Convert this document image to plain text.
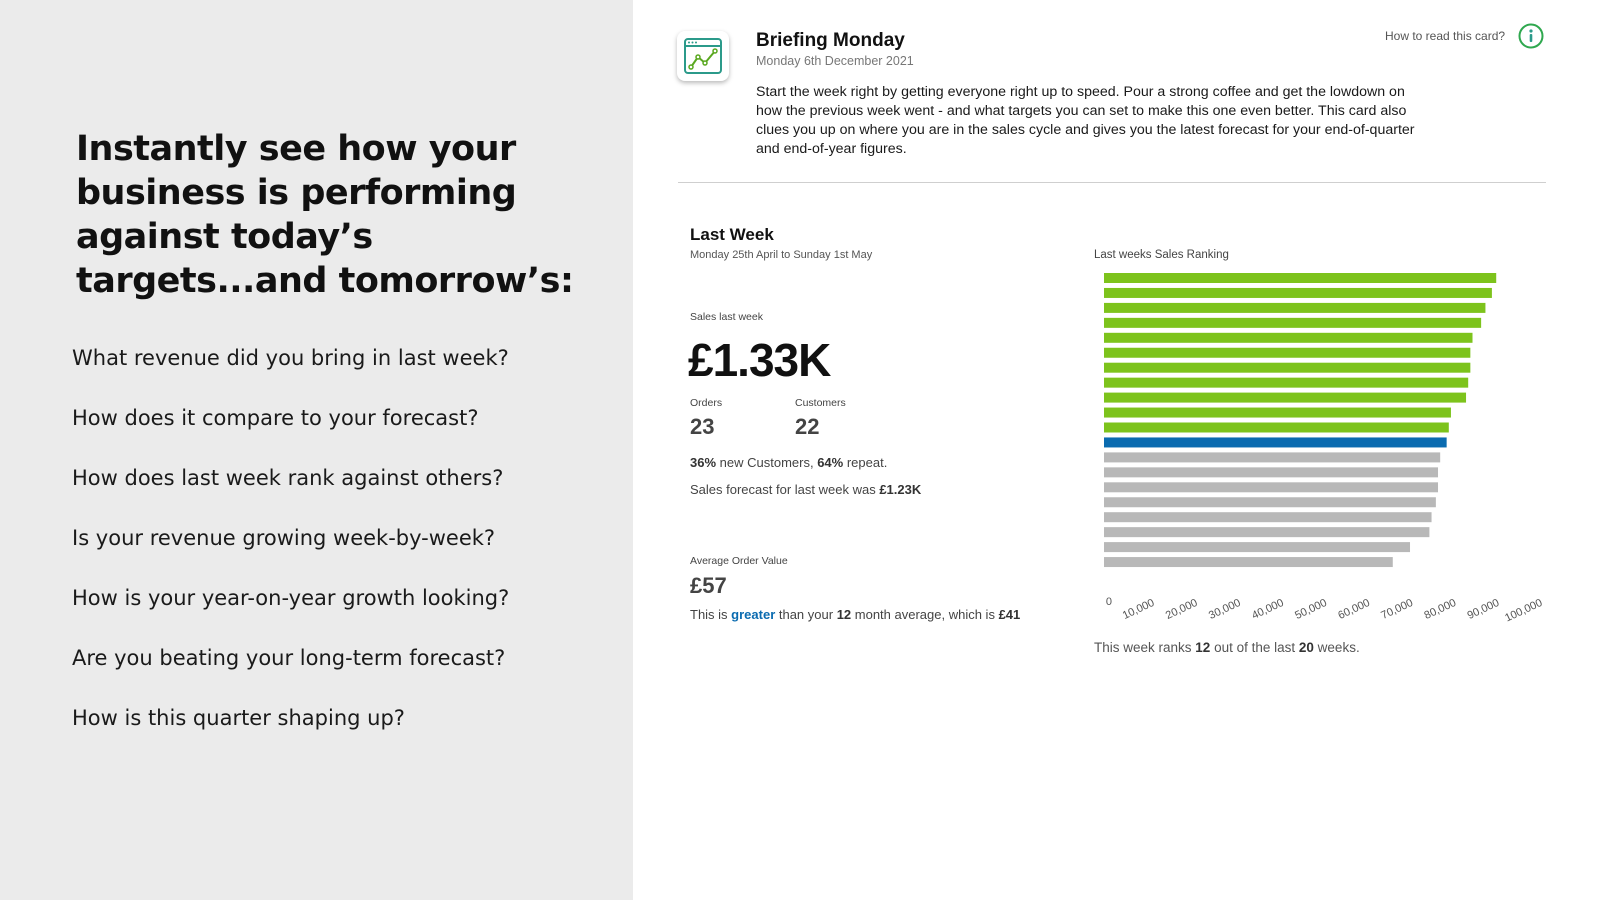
Instantly see how your business is performing against today’s targets...and tomorrow’s:
What revenue did you bring in last week?
How does it compare to your forecast?
How does last week rank against others?
Is your revenue growing week-by-week?
How is your year-on-year growth looking?
Are you beating your long-term forecast?
How is this quarter shaping up?
Briefing Monday
Monday 6th December 2021

Start the week right by getting everyone right up to speed. Pour a strong coffee and get the lowdown on how the previous week went - and what targets you can set to make this one even better. This card also clues you up on where you are in the sales cycle and gives you the latest forecast for your end-of-quarter and end-of-year figures.

How to read this card?
Last Week
Monday 25th April to Sunday 1st May
Sales last week
£1.33K
Orders
23
Customers
22
36% new Customers, 64% repeat.
Sales forecast for last week was £1.23K
Average Order Value
£57
This is greater than your 12 month average, which is £41
Last weeks Sales Ranking
0 10,000 20,000 30,000 40,000 50,000 60,000 70,000 80,000 90,000 100,000
This week ranks 12 out of the last 20 weeks.
